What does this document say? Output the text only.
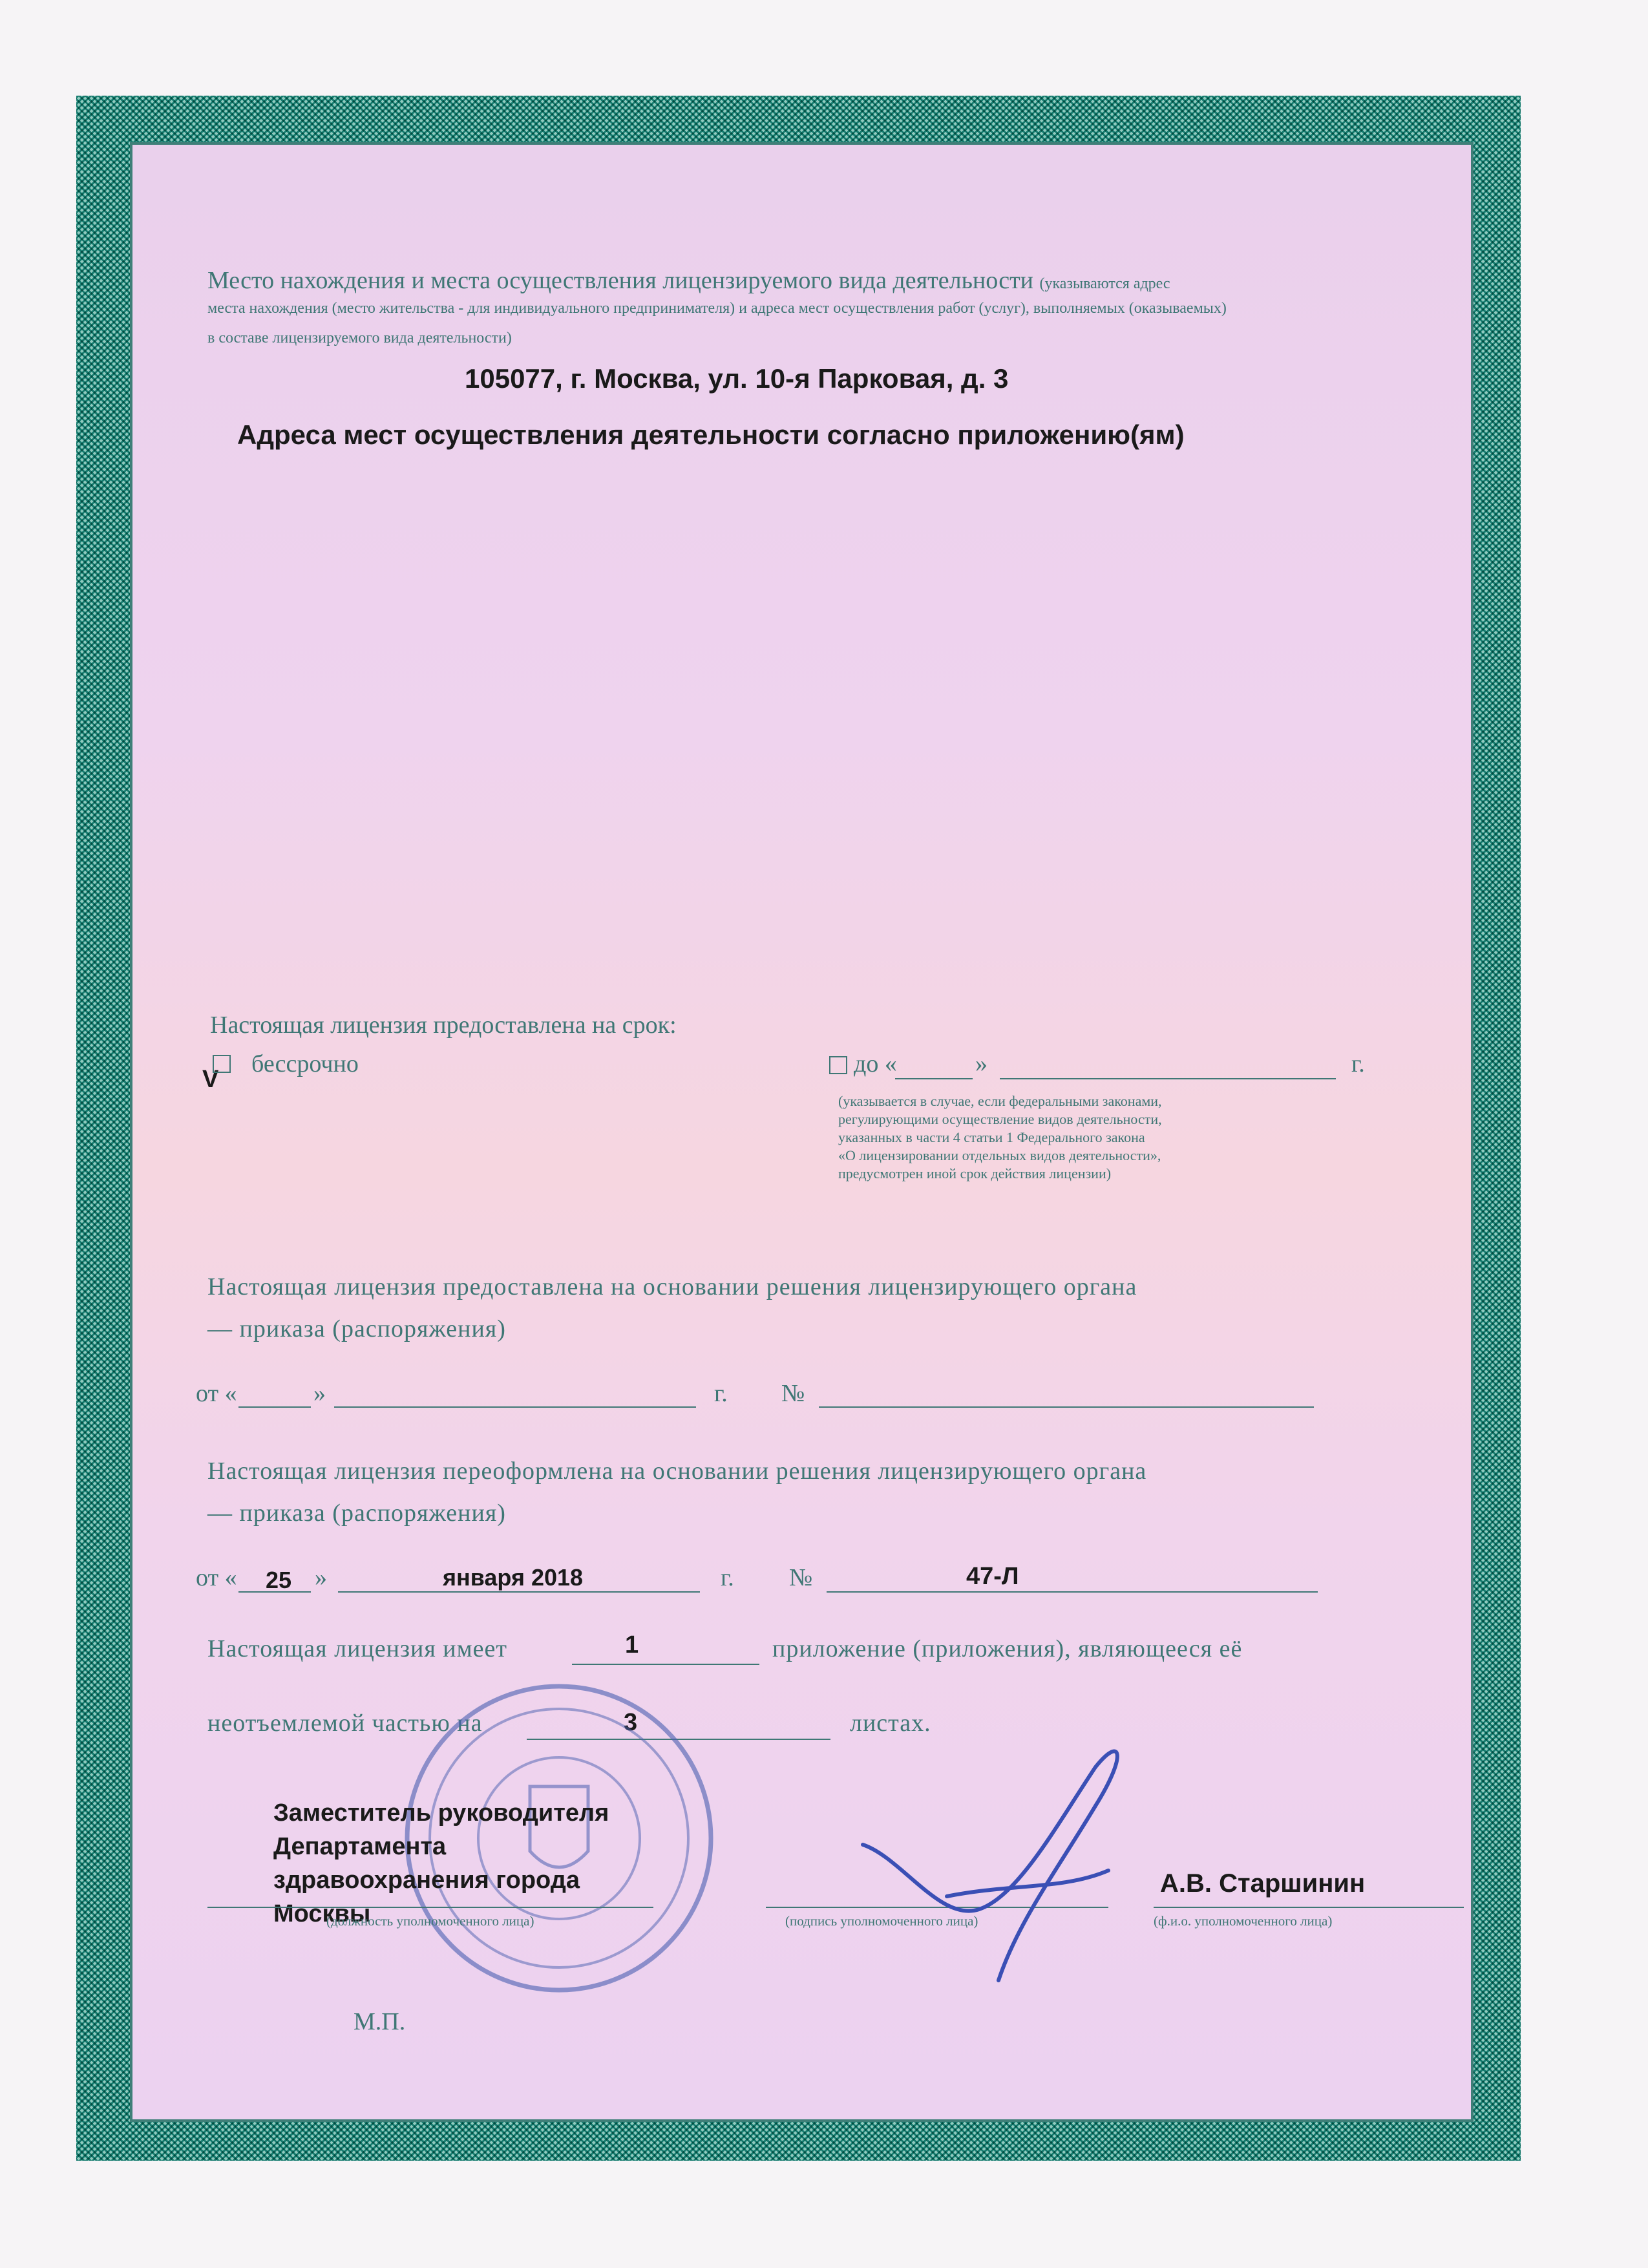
Место нахождения и места осуществления лицензируемого вида деятельности (указываются адрес
места нахождения (место жительства - для индивидуального предпринимателя) и адреса мест осуществления работ (услуг), выполняемых (оказываемых)
в составе лицензируемого вида деятельности)
105077, г. Москва, ул. 10-я Парковая, д. 3
Адреса мест осуществления деятельности согласно приложению(ям)
Настоящая лицензия предоставлена на срок:
V
бессрочно	до «	»	г.
(указывается в случае, если федеральными законами,
регулирующими осуществление видов деятельности,
указанных в части 4 статьи 1 Федерального закона
«О лицензировании отдельных видов деятельности»,
предусмотрен иной срок действия лицензии)
Настоящая лицензия предоставлена на основании решения лицензирующего органа
— приказа (распоряжения)
от «	»	г. №
Настоящая лицензия переоформлена на основании решения лицензирующего органа
— приказа (распоряжения)
от « 25 »	января 2018	г. №	47-Л
Настоящая лицензия имеет	1	приложение (приложения), являющееся её
неотъемлемой частью на	3	листах.
Заместитель руководителя
Департамента
здравоохранения города
Москвы
(должность уполномоченного лица)	(подпись уполномоченного лица)	(ф.и.о. уполномоченного лица)
А.В. Старшинин
М.П.
